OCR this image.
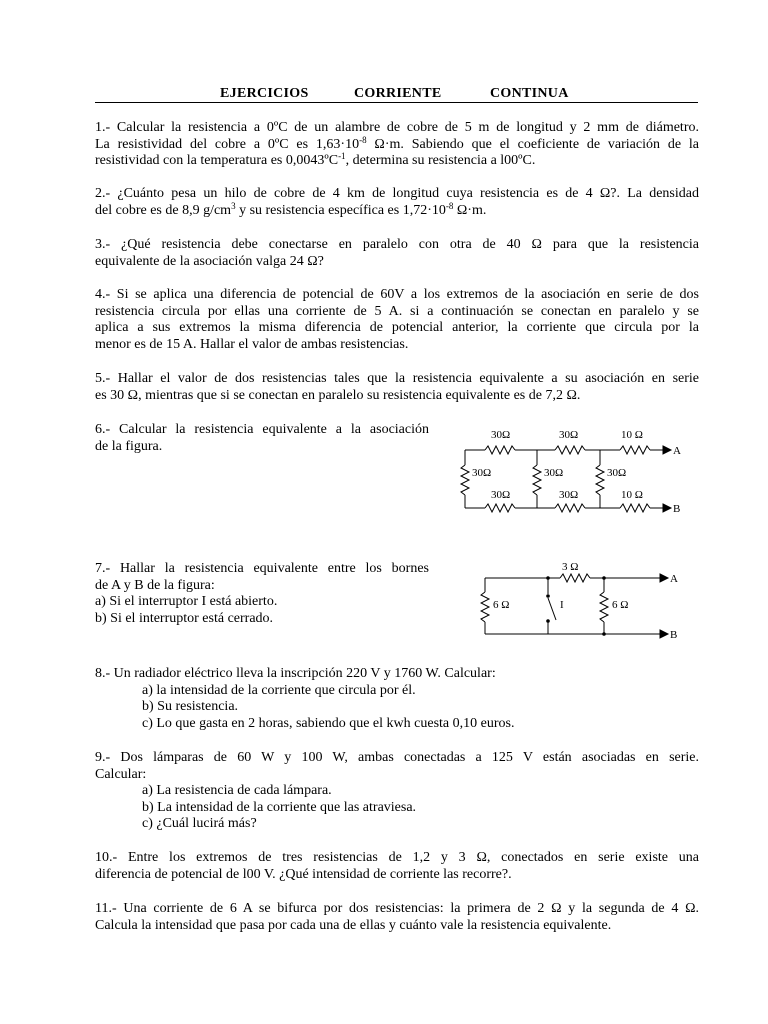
EJERCICIOS	CORRIENTE	CONTINUA
1.- Calcular la resistencia a 0ºC de un alambre de cobre de 5 m de longitud y 2 mm de diámetro.
La resistividad del cobre a 0ºC es $1,63\cdot 10^{-8}$ Ω·m. Sabiendo que el coeficiente de variación de la
resistividad con la temperatura es 0,0043ºC$^{-1}$, determina su resistencia a l00ºC.
2.- ¿Cuánto pesa un hilo de cobre de 4 km de longitud cuya resistencia es de 4 Ω?. La densidad
del cobre es de 8,9 $g/cm^3$ y su resistencia específica es $1,72\cdot 10^{-8}$ Ω·m.
3.- ¿Qué resistencia debe conectarse en paralelo con otra de 40 Ω para que la resistencia
equivalente de la asociación valga 24 Ω?
4.- Si se aplica una diferencia de potencial de 60V a los extremos de la asociación en serie de dos
resistencia circula por ellas una corriente de 5 A. si a continuación se conectan en paralelo y se
aplica a sus extremos la misma diferencia de potencial anterior, la corriente que circula por la
menor es de 15 A. Hallar el valor de ambas resistencias.
5.- Hallar el valor de dos resistencias tales que la resistencia equivalente a su asociación en serie
es 30 Ω, mientras que si se conectan en paralelo su resistencia equivalente es de 7,2 Ω.
6.- Calcular la resistencia equivalente a la asociación
de la figura.
30Ω	30Ω	10 Ω
30Ω	30Ω	30Ω
30Ω	30Ω	10 Ω
A
B
7.- Hallar la resistencia equivalente entre los bornes
de A y B de la figura:
a) Si el interruptor I está abierto.
b) Si el interruptor está cerrado.
3 Ω
6 Ω	I	6 Ω
A
B
8.- Un radiador eléctrico lleva la inscripción 220 V y 1760 W. Calcular:
a) la intensidad de la corriente que circula por él.
b) Su resistencia.
c) Lo que gasta en 2 horas, sabiendo que el kwh cuesta 0,10 euros.
9.- Dos lámparas de 60 W y 100 W, ambas conectadas a 125 V están asociadas en serie.
Calcular:
a) La resistencia de cada lámpara.
b) La intensidad de la corriente que las atraviesa.
c) ¿Cuál lucirá más?
10.- Entre los extremos de tres resistencias de 1,2 y 3 Ω, conectados en serie existe una
diferencia de potencial de l00 V. ¿Qué intensidad de corriente las recorre?.
11.- Una corriente de 6 A se bifurca por dos resistencias: la primera de 2 Ω y la segunda de 4 Ω.
Calcula la intensidad que pasa por cada una de ellas y cuánto vale la resistencia equivalente.
